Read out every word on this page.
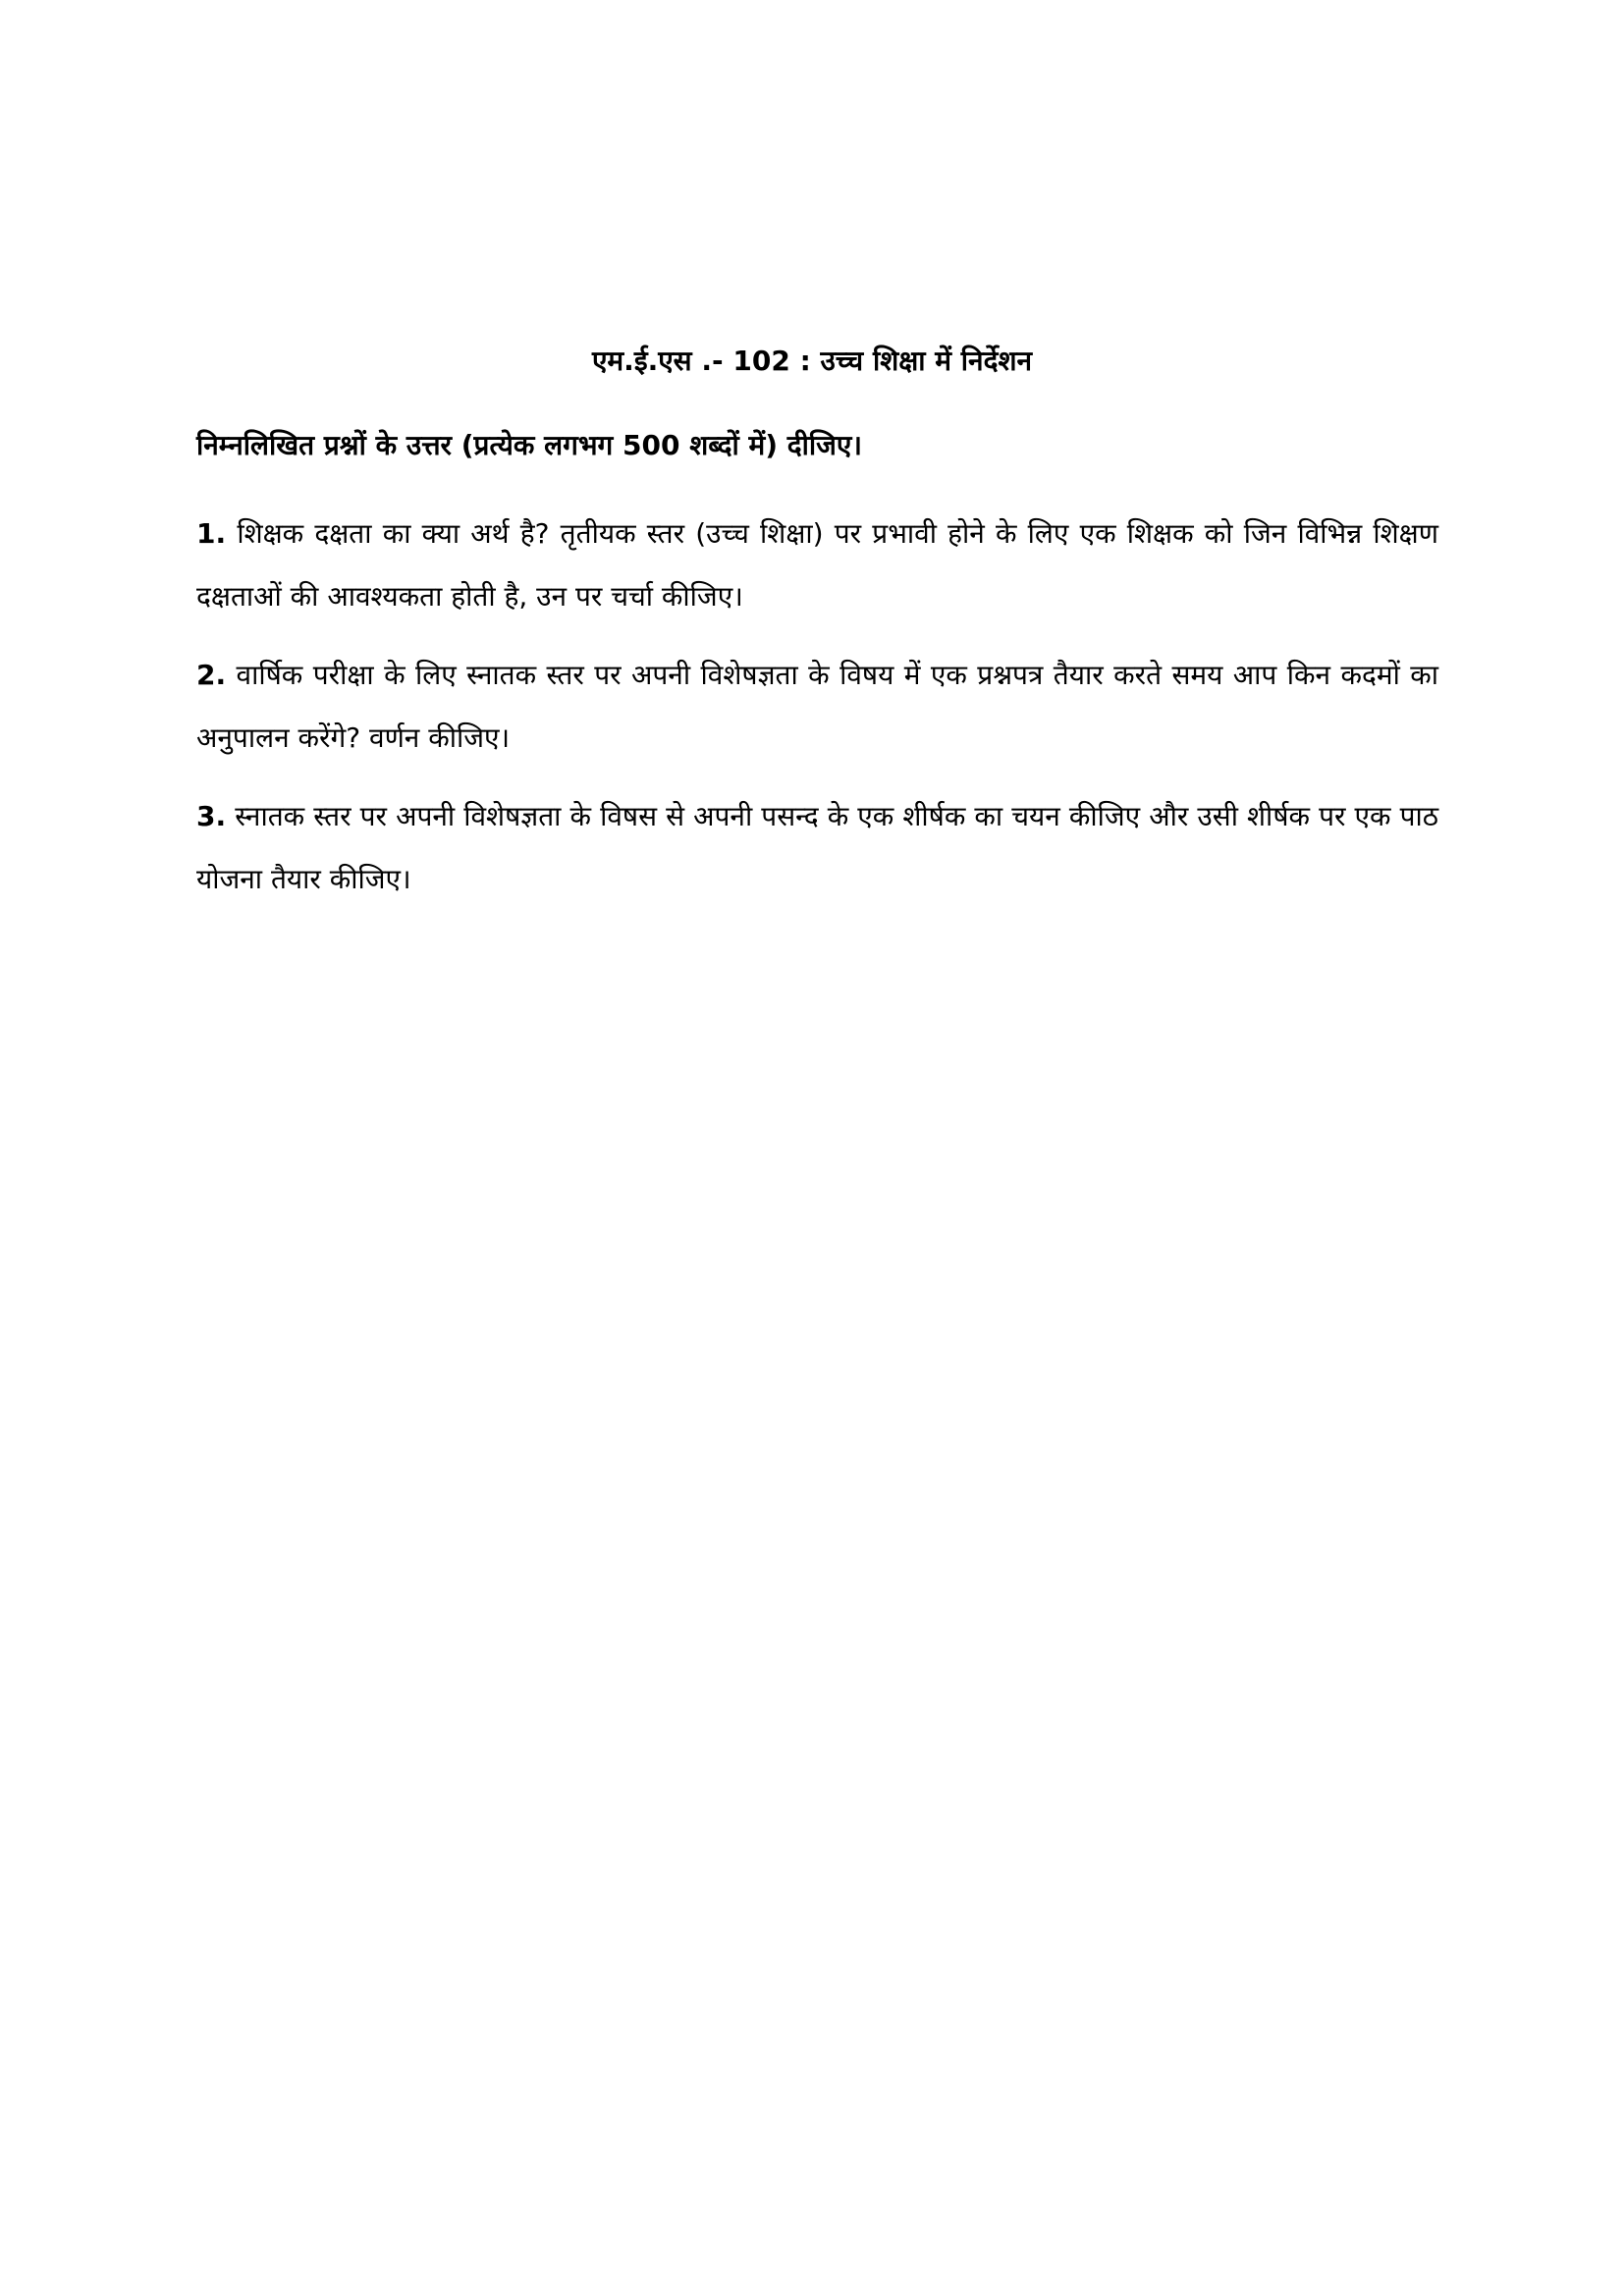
एम.ई.एस .- 102 : उच्च शिक्षा में निर्देशन
निम्नलिखित प्रश्नों के उत्तर (प्रत्येक लगभग 500 शब्दों में) दीजिए।
1. शिक्षक दक्षता का क्या अर्थ है? तृतीयक स्तर (उच्च शिक्षा) पर प्रभावी होने के लिए एक शिक्षक को जिन विभिन्न शिक्षण दक्षताओं की आवश्यकता होती है, उन पर चर्चा कीजिए।
2. वार्षिक परीक्षा के लिए स्नातक स्तर पर अपनी विशेषज्ञता के विषय में एक प्रश्नपत्र तैयार करते समय आप किन कदमों का अनुपालन करेंगे? वर्णन कीजिए।
3. स्नातक स्तर पर अपनी विशेषज्ञता के विषस से अपनी पसन्द के एक शीर्षक का चयन कीजिए और उसी शीर्षक पर एक पाठ योजना तैयार कीजिए।
